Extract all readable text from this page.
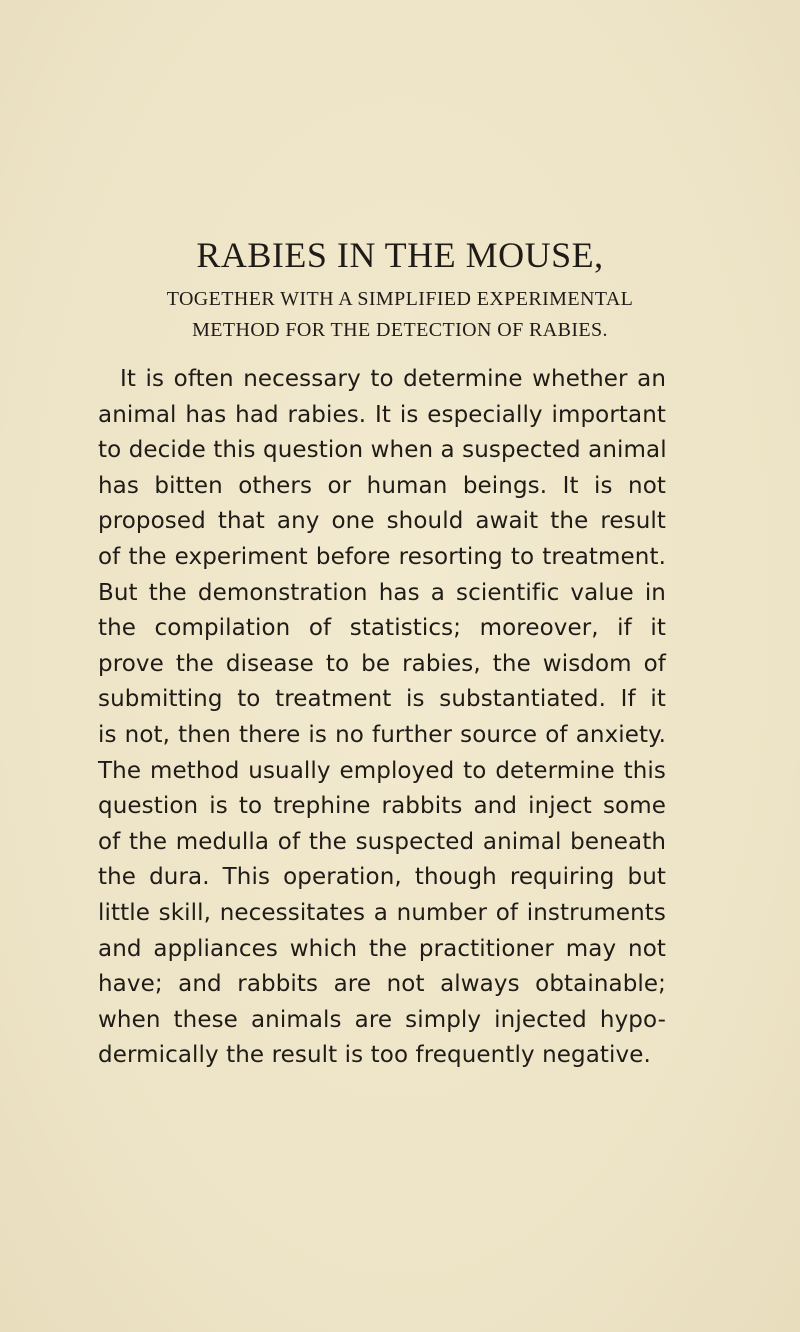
RABIES IN THE MOUSE,
TOGETHER WITH A SIMPLIFIED EXPERIMENTAL
METHOD FOR THE DETECTION OF RABIES.

It is often necessary to determine whether an
animal has had rabies. It is especially important
to decide this question when a suspected animal
has bitten others or human beings. It is not
proposed that any one should await the result
of the experiment before resorting to treatment.
But the demonstration has a scientific value in
the compilation of statistics; moreover, if it
prove the disease to be rabies, the wisdom of
submitting to treatment is substantiated. If it
is not, then there is no further source of anxiety.
The method usually employed to determine this
question is to trephine rabbits and inject some
of the medulla of the suspected animal beneath
the dura. This operation, though requiring but
little skill, necessitates a number of instruments
and appliances which the practitioner may not
have; and rabbits are not always obtainable;
when these animals are simply injected hypo-
dermically the result is too frequently negative.
